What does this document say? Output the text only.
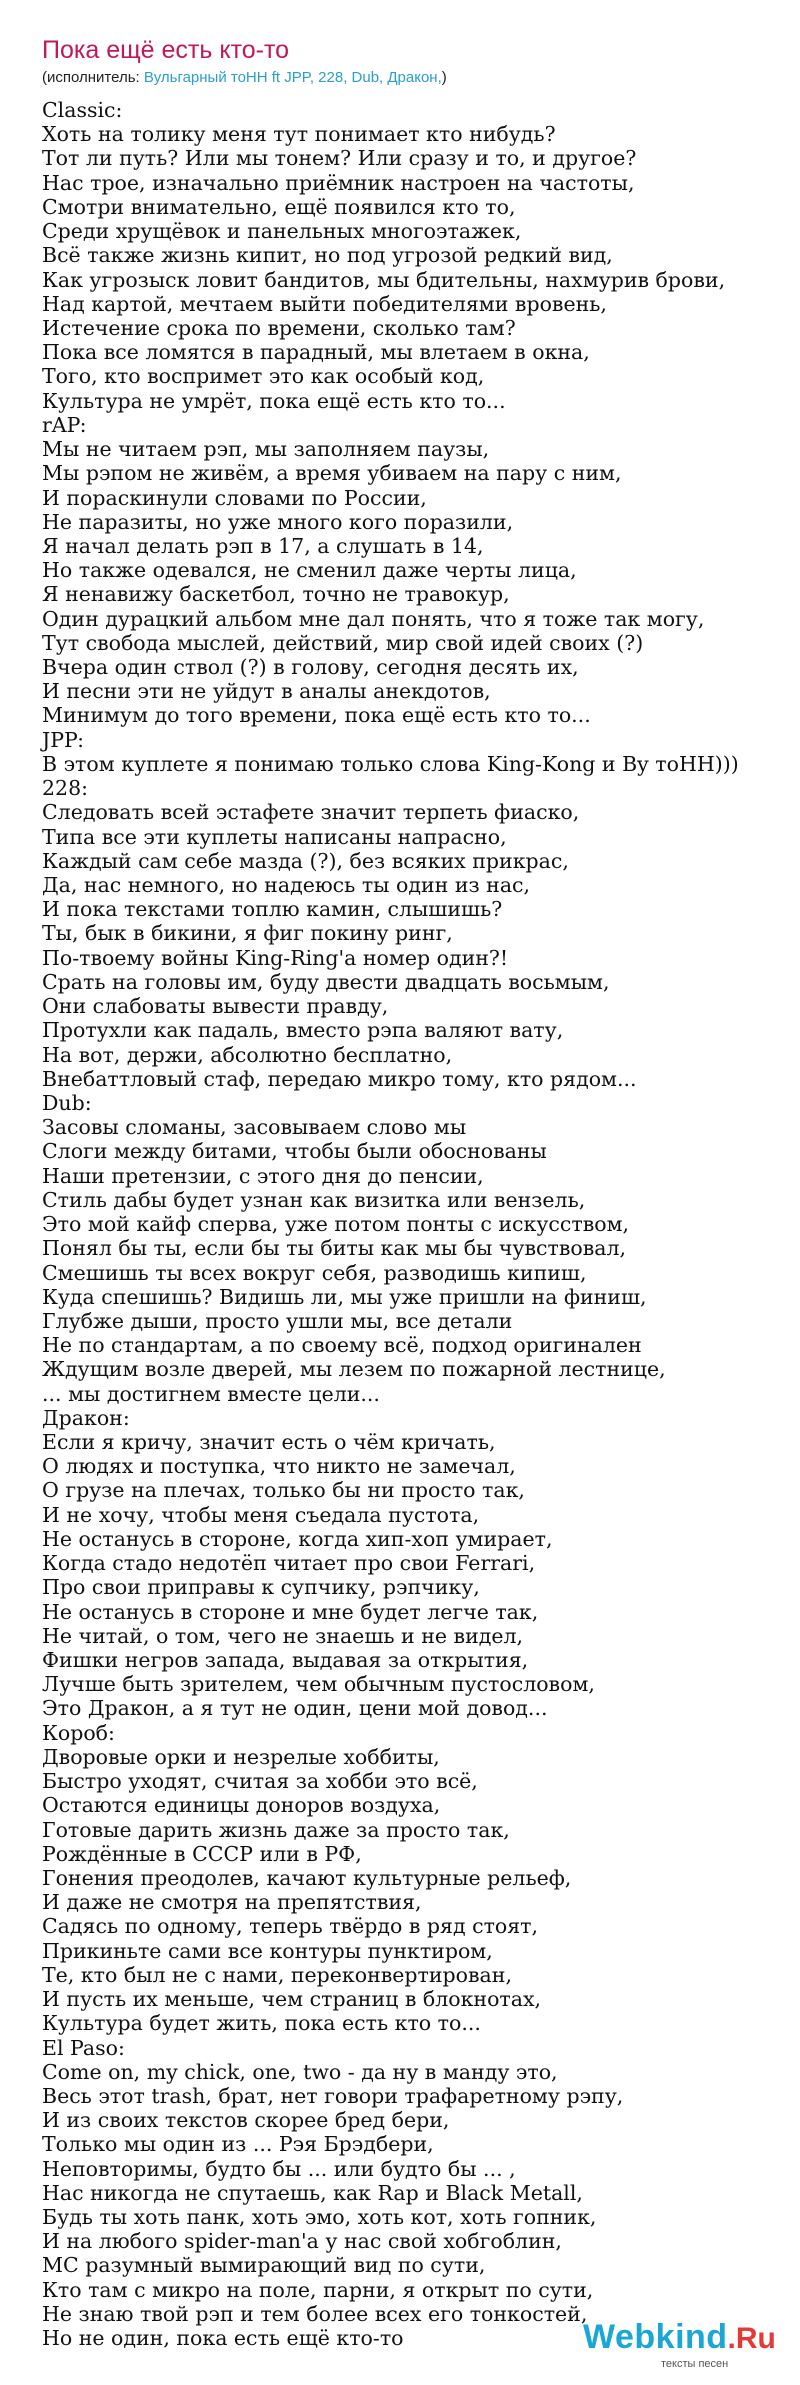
Пока ещё есть кто-то
(исполнитель: Вульгарный тоНН ft JPP, 228, Dub, Дракон,)
Classic:
Хоть на толику меня тут понимает кто нибудь?
Тот ли путь? Или мы тонем? Или сразу и то, и другое?
Нас трое, изначально приёмник настроен на частоты,
Смотри внимательно, ещё появился кто то,
Среди хрущёвок и панельных многоэтажек,
Всё также жизнь кипит, но под угрозой редкий вид,
Как угрозыск ловит бандитов, мы бдительны, нахмурив брови,
Над картой, мечтаем выйти победителями вровень,
Истечение срока по времени, сколько там?
Пока все ломятся в парадный, мы влетаем в окна,
Того, кто воспримет это как особый код,
Культура не умрёт, пока ещё есть кто то...
rAP:
Мы не читаем рэп, мы заполняем паузы,
Мы рэпом не живём, а время убиваем на пару с ним,
И пораскинули словами по России,
Не паразиты, но уже много кого поразили,
Я начал делать рэп в 17, а слушать в 14,
Но также одевался, не сменил даже черты лица,
Я ненавижу баскетбол, точно не травокур,
Один дурацкий альбом мне дал понять, что я тоже так могу,
Тут свобода мыслей, действий, мир свой идей своих (?)
Вчера один ствол (?) в голову, сегодня десять их,
И песни эти не уйдут в аналы анекдотов,
Минимум до того времени, пока ещё есть кто то...
JPP:
В этом куплете я понимаю только слова King-Kong и By тоНН)))
228:
Следовать всей эстафете значит терпеть фиаско,
Типа все эти куплеты написаны напрасно,
Каждый сам себе мазда (?), без всяких прикрас,
Да, нас немного, но надеюсь ты один из нас,
И пока текстами топлю камин, слышишь?
Ты, бык в бикини, я фиг покину ринг,
По-твоему войны King-Ring'а номер один?!
Срать на головы им, буду двести двадцать восьмым,
Они слабоваты вывести правду,
Протухли как падаль, вместо рэпа валяют вату,
На вот, держи, абсолютно бесплатно,
Внебаттловый стаф, передаю микро тому, кто рядом...
Dub:
Засовы сломаны, засовываем слово мы
Слоги между битами, чтобы были обоснованы
Наши претензии, с этого дня до пенсии,
Стиль дабы будет узнан как визитка или вензель,
Это мой кайф сперва, уже потом понты с искусством,
Понял бы ты, если бы ты биты как мы бы чувствовал,
Смешишь ты всех вокруг себя, разводишь кипиш,
Куда спешишь? Видишь ли, мы уже пришли на финиш,
Глубже дыши, просто ушли мы, все детали
Не по стандартам, а по своему всё, подход оригинален
Ждущим возле дверей, мы лезем по пожарной лестнице,
... мы достигнем вместе цели...
Дракон:
Если я кричу, значит есть о чём кричать,
О людях и поступка, что никто не замечал,
О грузе на плечах, только бы ни просто так,
И не хочу, чтобы меня съедала пустота,
Не останусь в стороне, когда хип-хоп умирает,
Когда стадо недотёп читает про свои Ferrari,
Про свои приправы к супчику, рэпчику,
Не останусь в стороне и мне будет легче так,
Не читай, о том, чего не знаешь и не видел,
Фишки негров запада, выдавая за открытия,
Лучше быть зрителем, чем обычным пустословом,
Это Дракон, а я тут не один, цени мой довод...
Короб:
Дворовые орки и незрелые хоббиты,
Быстро уходят, считая за хобби это всё,
Остаются единицы доноров воздуха,
Готовые дарить жизнь даже за просто так,
Рождённые в СССР или в РФ,
Гонения преодолев, качают культурные рельеф,
И даже не смотря на препятствия,
Садясь по одному, теперь твёрдо в ряд стоят,
Прикиньте сами все контуры пунктиром,
Те, кто был не с нами, переконвертирован,
И пусть их меньше, чем страниц в блокнотах,
Культура будет жить, пока есть кто то...
El Paso:
Come on, my chick, one, two - да ну в манду это,
Весь этот trash, брат, нет говори трафаретному рэпу,
И из своих текстов скорее бред бери,
Только мы один из ... Рэя Брэдбери,
Неповторимы, будто бы ... или будто бы ... ,
Нас никогда не спутаешь, как Rap и Black Metall,
Будь ты хоть панк, хоть эмо, хоть кот, хоть гопник,
И на любого spider-man'a у нас свой хобгоблин,
МС разумный вымирающий вид по сути,
Кто там с микро на поле, парни, я открыт по сути,
Не знаю твой рэп и тем более всех его тонкостей,
Но не один, пока есть ещё кто-то	Webkind.Ru
тексты песен
